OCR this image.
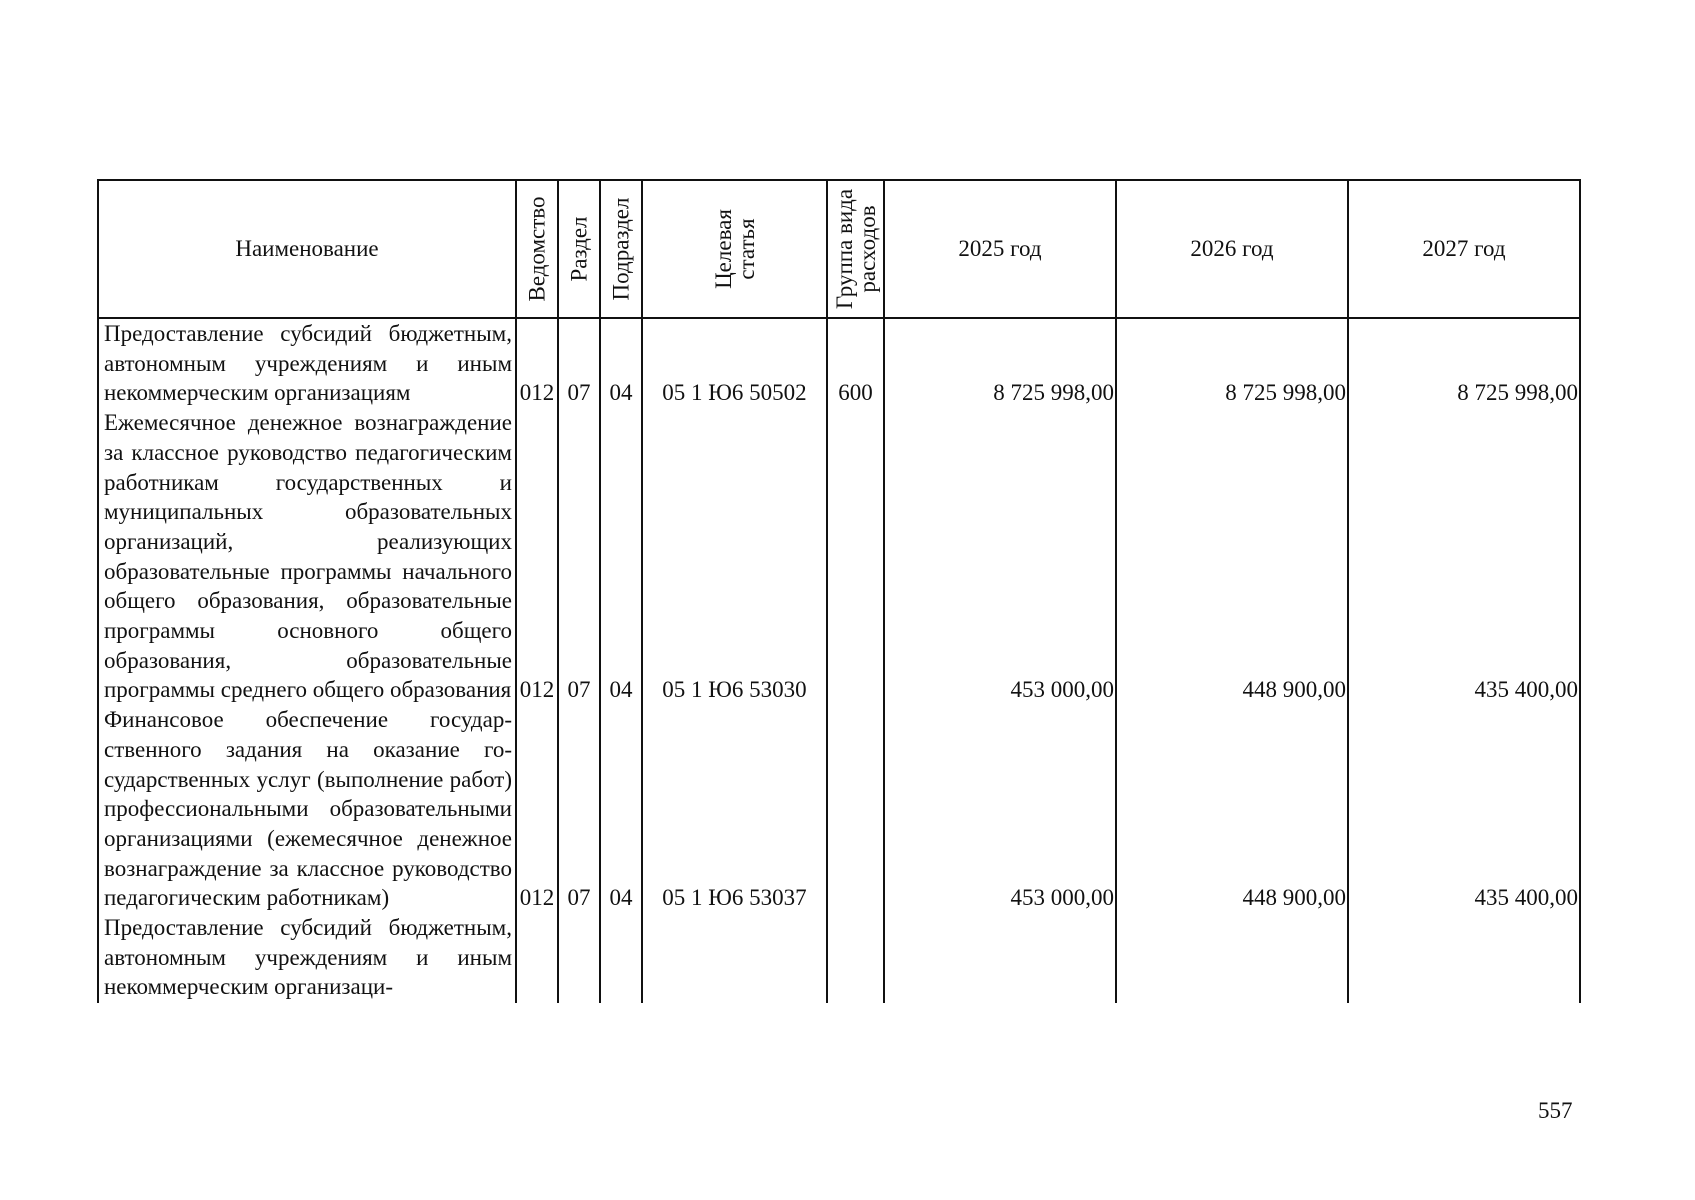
Наименование	Ведомство	Раздел	Подраздел	Целевая
статья	Группа вида
расходов	2025 год	2026 год	2027 год
Предоставление субсидий бюджетным, автономным учреждениям и иным некоммерческим организациям	012	07	04	05 1 Ю6 50502	600	8 725 998,00	8 725 998,00	8 725 998,00
Ежемесячное денежное вознаграждение за классное руководство педагогическим работникам государственных и муниципальных образовательных организаций, реализующих образовательные программы начального общего образования, образовательные программы основного общего образования, образовательные программы среднего общего образования	012	07	04	05 1 Ю6 53030		453 000,00	448 900,00	435 400,00
Финансовое обеспечение государственного задания на оказание государственных услуг (выполнение работ) профессиональными образовательными организациями (ежемесячное денежное вознаграждение за классное руководство педагогическим работникам)	012	07	04	05 1 Ю6 53037		453 000,00	448 900,00	435 400,00
Предоставление субсидий бюджетным, автономным учреждениям и иным некоммерческим организаци-								
557
